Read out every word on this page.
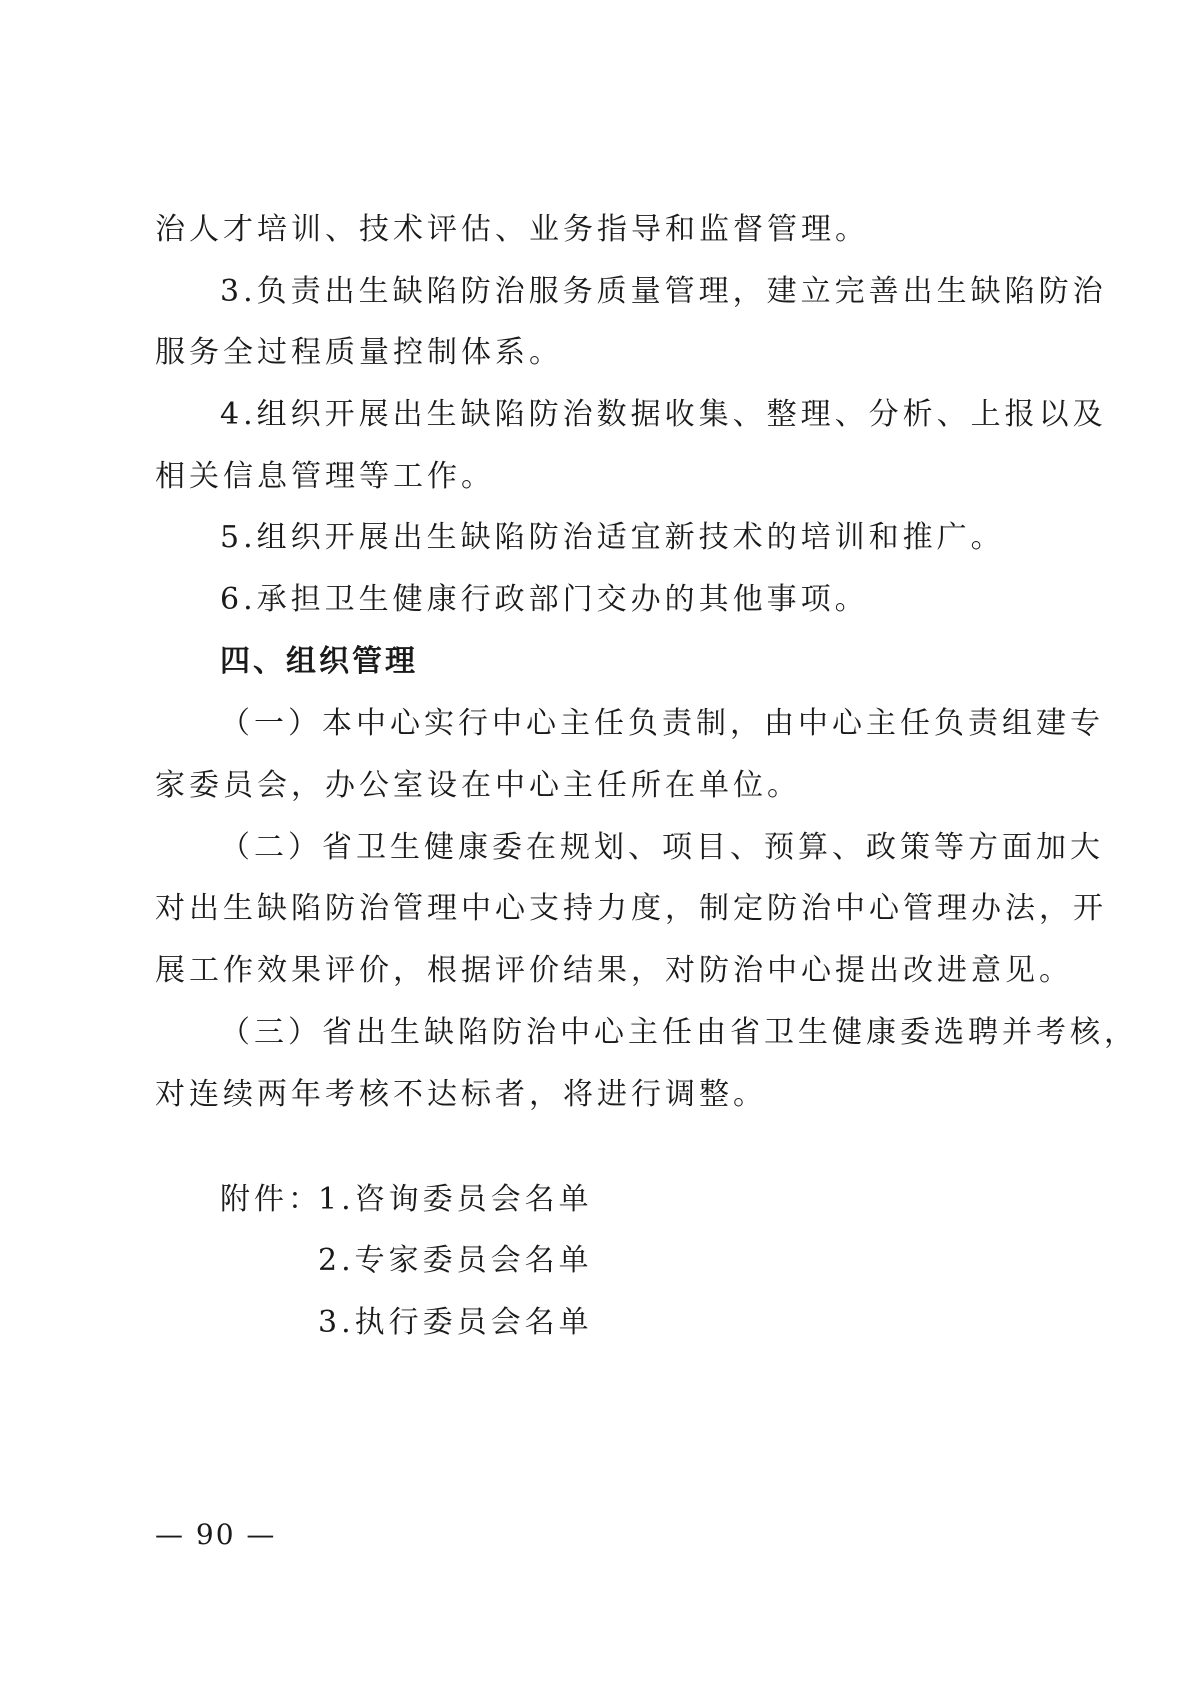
治人才培训、技术评估、业务指导和监督管理。
3.负责出生缺陷防治服务质量管理，建立完善出生缺陷防治
服务全过程质量控制体系。
4.组织开展出生缺陷防治数据收集、整理、分析、上报以及
相关信息管理等工作。
5.组织开展出生缺陷防治适宜新技术的培训和推广。
6.承担卫生健康行政部门交办的其他事项。
四、组织管理
（一）本中心实行中心主任负责制，由中心主任负责组建专
家委员会，办公室设在中心主任所在单位。
（二）省卫生健康委在规划、项目、预算、政策等方面加大
对出生缺陷防治管理中心支持力度，制定防治中心管理办法，开
展工作效果评价，根据评价结果，对防治中心提出改进意见。
（三）省出生缺陷防治中心主任由省卫生健康委选聘并考核，
对连续两年考核不达标者，将进行调整。
附件：
1.咨询委员会名单
2.专家委员会名单
3.执行委员会名单
— 90 —
